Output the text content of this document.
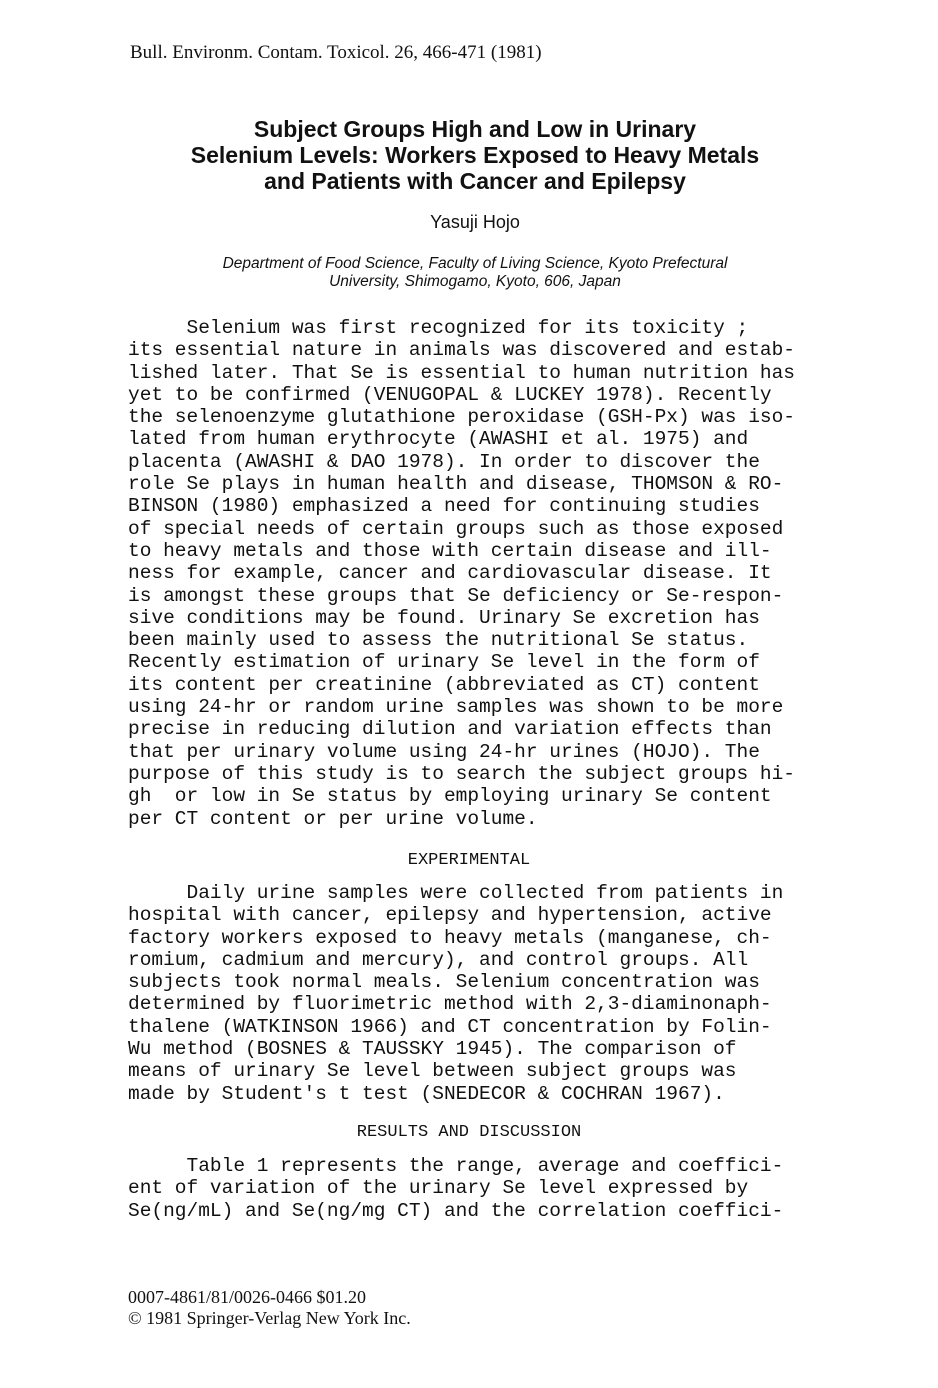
Bull. Environm. Contam. Toxicol. 26, 466-471 (1981)
Subject Groups High and Low in Urinary
Selenium Levels: Workers Exposed to Heavy Metals
and Patients with Cancer and Epilepsy
Yasuji Hojo
Department of Food Science, Faculty of Living Science, Kyoto Prefectural
University, Shimogamo, Kyoto, 606, Japan
Selenium was first recognized for its toxicity ;
its essential nature in animals was discovered and estab-
lished later. That Se is essential to human nutrition has
yet to be confirmed (VENUGOPAL & LUCKEY 1978). Recently
the selenoenzyme glutathione peroxidase (GSH-Px) was iso-
lated from human erythrocyte (AWASHI et al. 1975) and
placenta (AWASHI & DAO 1978). In order to discover the
role Se plays in human health and disease, THOMSON & RO-
BINSON (1980) emphasized a need for continuing studies
of special needs of certain groups such as those exposed
to heavy metals and those with certain disease and ill-
ness for example, cancer and cardiovascular disease. It
is amongst these groups that Se deficiency or Se-respon-
sive conditions may be found. Urinary Se excretion has
been mainly used to assess the nutritional Se status.
Recently estimation of urinary Se level in the form of
its content per creatinine (abbreviated as CT) content
using 24-hr or random urine samples was shown to be more
precise in reducing dilution and variation effects than
that per urinary volume using 24-hr urines (HOJO). The
purpose of this study is to search the subject groups hi-
gh  or low in Se status by employing urinary Se content
per CT content or per urine volume.
EXPERIMENTAL
Daily urine samples were collected from patients in
hospital with cancer, epilepsy and hypertension, active
factory workers exposed to heavy metals (manganese, ch-
romium, cadmium and mercury), and control groups. All
subjects took normal meals. Selenium concentration was
determined by fluorimetric method with 2,3-diaminonaph-
thalene (WATKINSON 1966) and CT concentration by Folin-
Wu method (BOSNES & TAUSSKY 1945). The comparison of
means of urinary Se level between subject groups was
made by Student's t test (SNEDECOR & COCHRAN 1967).
RESULTS AND DISCUSSION
Table 1 represents the range, average and coeffici-
ent of variation of the urinary Se level expressed by
Se(ng/mL) and Se(ng/mg CT) and the correlation coeffici-
0007-4861/81/0026-0466 $01.20
© 1981 Springer-Verlag New York Inc.
